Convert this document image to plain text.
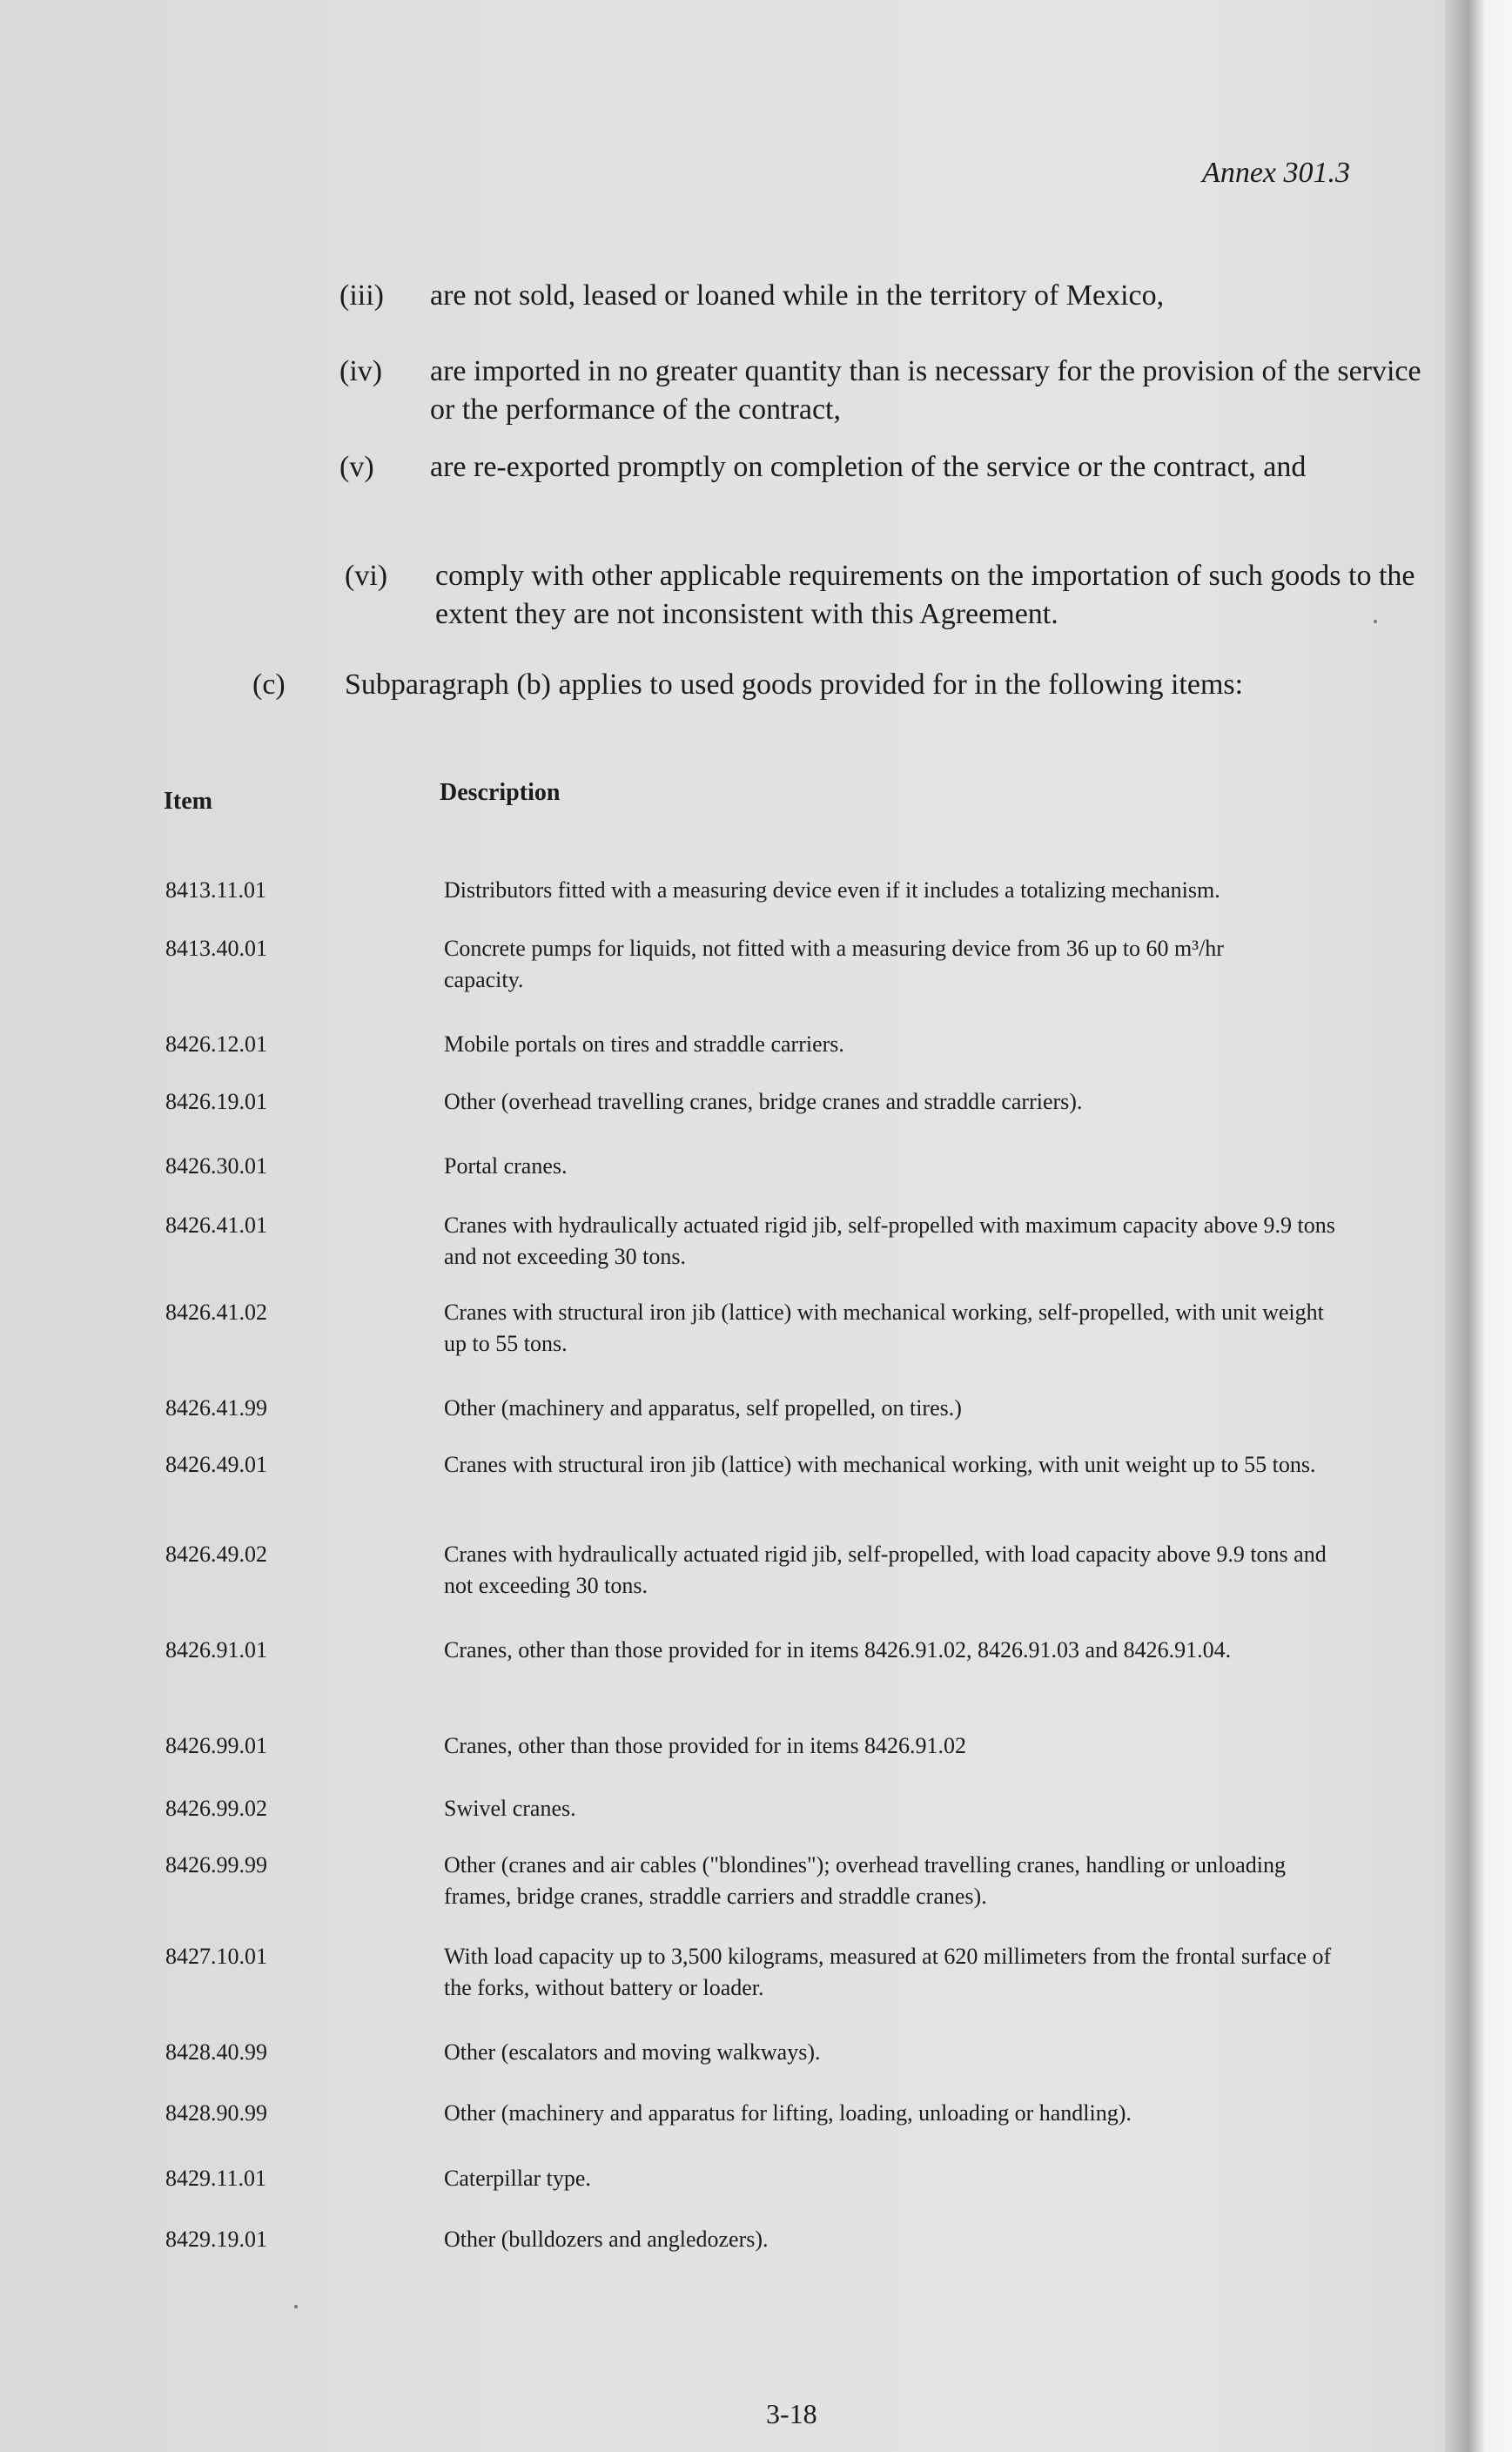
Annex 301.3
(iii) are not sold, leased or loaned while in the territory of Mexico,
(iv) are imported in no greater quantity than is necessary for the provision of the service or the performance of the contract,
(v) are re-exported promptly on completion of the service or the contract, and
(vi) comply with other applicable requirements on the importation of such goods to the extent they are not inconsistent with this Agreement.
(c) Subparagraph (b) applies to used goods provided for in the following items:
Item	Description
8413.11.01	Distributors fitted with a measuring device even if it includes a totalizing mechanism.
8413.40.01	Concrete pumps for liquids, not fitted with a measuring device from 36 up to 60 m³/hr capacity.
8426.12.01	Mobile portals on tires and straddle carriers.
8426.19.01	Other (overhead travelling cranes, bridge cranes and straddle carriers).
8426.30.01	Portal cranes.
8426.41.01	Cranes with hydraulically actuated rigid jib, self-propelled with maximum capacity above 9.9 tons and not exceeding 30 tons.
8426.41.02	Cranes with structural iron jib (lattice) with mechanical working, self-propelled, with unit weight up to 55 tons.
8426.41.99	Other (machinery and apparatus, self propelled, on tires.)
8426.49.01	Cranes with structural iron jib (lattice) with mechanical working, with unit weight up to 55 tons.
8426.49.02	Cranes with hydraulically actuated rigid jib, self-propelled, with load capacity above 9.9 tons and not exceeding 30 tons.
8426.91.01	Cranes, other than those provided for in items 8426.91.02, 8426.91.03 and 8426.91.04.
8426.99.01	Cranes, other than those provided for in items 8426.91.02
8426.99.02	Swivel cranes.
8426.99.99	Other (cranes and air cables ("blondines"); overhead travelling cranes, handling or unloading frames, bridge cranes, straddle carriers and straddle cranes).
8427.10.01	With load capacity up to 3,500 kilograms, measured at 620 millimeters from the frontal surface of the forks, without battery or loader.
8428.40.99	Other (escalators and moving walkways).
8428.90.99	Other (machinery and apparatus for lifting, loading, unloading or handling).
8429.11.01	Caterpillar type.
8429.19.01	Other (bulldozers and angledozers).
3-18
